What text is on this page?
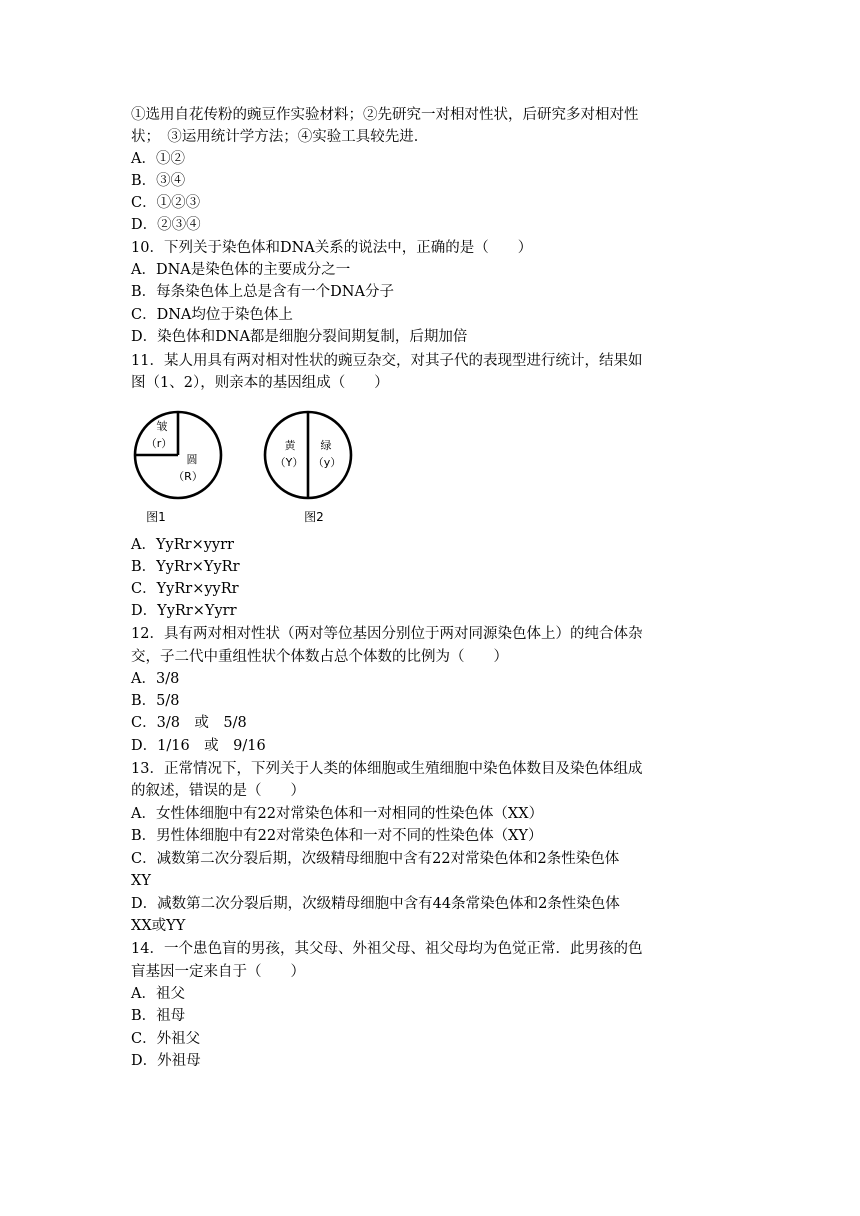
①选用自花传粉的豌豆作实验材料；②先研究一对相对性状，后研究多对相对性
状；　③运用统计学方法；④实验工具较先进．
A．①②
B．③④
C．①②③
D．②③④
10．下列关于染色体和DNA关系的说法中，正确的是（　　）
A．DNA是染色体的主要成分之一
B．每条染色体上总是含有一个DNA分子
C．DNA均位于染色体上
D．染色体和DNA都是细胞分裂间期复制，后期加倍
11．某人用具有两对相对性状的豌豆杂交，对其子代的表现型进行统计，结果如
图（1、2），则亲本的基因组成（　　）
皱
（r）
圆
（R）
图1
黄
（Y）
绿
（y）
图2
A．YyRr×yyrr
B．YyRr×YyRr
C．YyRr×yyRr
D．YyRr×Yyrr
12．具有两对相对性状（两对等位基因分别位于两对同源染色体上）的纯合体杂
交，子二代中重组性状个体数占总个体数的比例为（　　）
A．3/8
B．5/8
C．3/8　或　5/8
D．1/16　或　9/16
13．正常情况下，下列关于人类的体细胞或生殖细胞中染色体数目及染色体组成
的叙述，错误的是（　　）
A．女性体细胞中有22对常染色体和一对相同的性染色体（XX）
B．男性体细胞中有22对常染色体和一对不同的性染色体（XY）
C．减数第二次分裂后期，次级精母细胞中含有22对常染色体和2条性染色体
XY
D．减数第二次分裂后期，次级精母细胞中含有44条常染色体和2条性染色体
XX或YY
14．一个患色盲的男孩，其父母、外祖父母、祖父母均为色觉正常．此男孩的色
盲基因一定来自于（　　）
A．祖父
B．祖母
C．外祖父
D．外祖母
